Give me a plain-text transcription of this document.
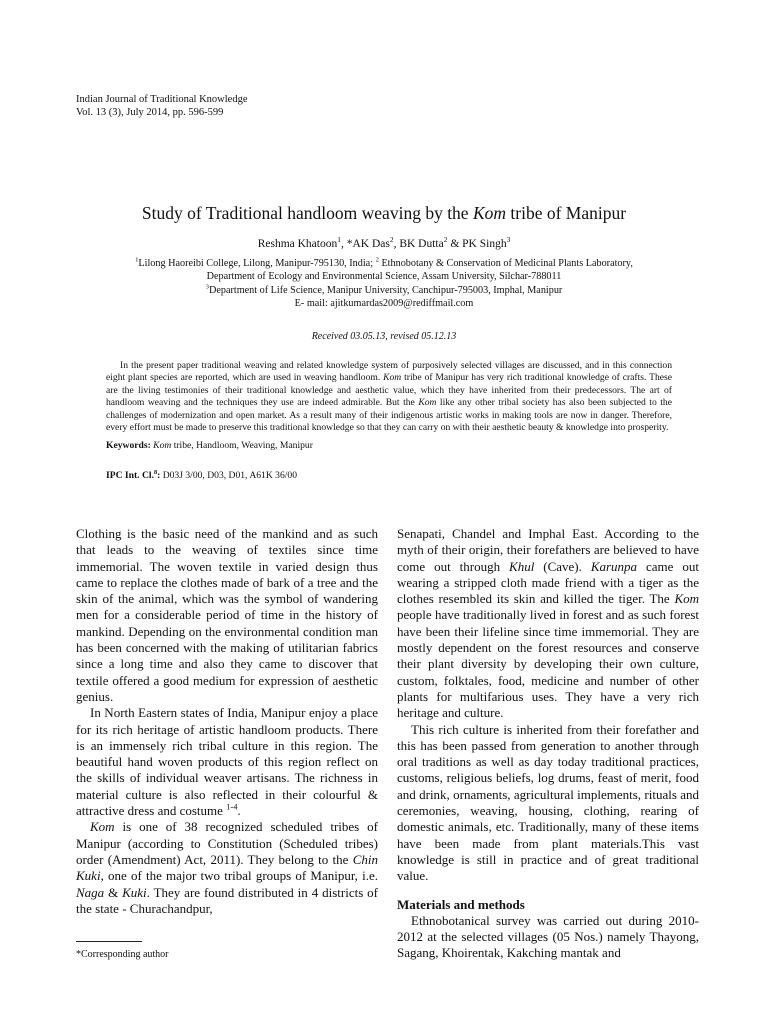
Indian Journal of Traditional Knowledge
Vol. 13 (3), July 2014, pp. 596-599
Study of Traditional handloom weaving by the Kom tribe of Manipur
Reshma Khatoon$^1$, *AK Das$^2$, BK Dutta$^2$ & PK Singh$^3$
$^1$Lilong Haoreibi College, Lilong, Manipur-795130, India; $^2$ Ethnobotany & Conservation of Medicinal Plants Laboratory,
Department of Ecology and Environmental Science, Assam University, Silchar-788011
$^3$Department of Life Science, Manipur University, Canchipur-795003, Imphal, Manipur
E- mail: ajitkumardas2009@rediffmail.com
Received 03.05.13, revised 05.12.13
In the present paper traditional weaving and related knowledge system of purposively selected villages are discussed, and in this connection eight plant species are reported, which are used in weaving handloom. Kom tribe of Manipur has very rich traditional knowledge of crafts. These are the living testimonies of their traditional knowledge and aesthetic value, which they have inherited from their predecessors. The art of handloom weaving and the techniques they use are indeed admirable. But the Kom like any other tribal society has also been subjected to the challenges of modernization and open market. As a result many of their indigenous artistic works in making tools are now in danger. Therefore, every effort must be made to preserve this traditional knowledge so that they can carry on with their aesthetic beauty & knowledge into prosperity.
Keywords: Kom tribe, Handloom, Weaving, Manipur
IPC Int. Cl.$^8$: D03J 3/00, D03, D01, A61K 36/00

Clothing is the basic need of the mankind and as such that leads to the weaving of textiles since time immemorial. The woven textile in varied design thus came to replace the clothes made of bark of a tree and the skin of the animal, which was the symbol of wandering men for a considerable period of time in the history of mankind. Depending on the environmental condition man has been concerned with the making of utilitarian fabrics since a long time and also they came to discover that textile offered a good medium for expression of aesthetic genius.

In North Eastern states of India, Manipur enjoy a place for its rich heritage of artistic handloom products. There is an immensely rich tribal culture in this region. The beautiful hand woven products of this region reflect on the skills of individual weaver artisans. The richness in material culture is also reflected in their colourful & attractive dress and costume $^{1-4}$.

Kom is one of 38 recognized scheduled tribes of Manipur (according to Constitution (Scheduled tribes) order (Amendment) Act, 2011). They belong to the Chin Kuki, one of the major two tribal groups of Manipur, i.e. Naga & Kuki. They are found distributed in 4 districts of the state - Churachandpur,

Senapati, Chandel and Imphal East. According to the myth of their origin, their forefathers are believed to have come out through Khul (Cave). Karunpa came out wearing a stripped cloth made friend with a tiger as the clothes resembled its skin and killed the tiger. The Kom people have traditionally lived in forest and as such forest have been their lifeline since time immemorial. They are mostly dependent on the forest resources and conserve their plant diversity by developing their own culture, custom, folktales, food, medicine and number of other plants for multifarious uses. They have a very rich heritage and culture.

This rich culture is inherited from their forefather and this has been passed from generation to another through oral traditions as well as day today traditional practices, customs, religious beliefs, log drums, feast of merit, food and drink, ornaments, agricultural implements, rituals and ceremonies, weaving, housing, clothing, rearing of domestic animals, etc. Traditionally, many of these items have been made from plant materials.This vast knowledge is still in practice and of great traditional value.

Materials and methods

Ethnobotanical survey was carried out during 2010-2012 at the selected villages (05 Nos.) namely Thayong, Sagang, Khoirentak, Kakching mantak and

*Corresponding author
